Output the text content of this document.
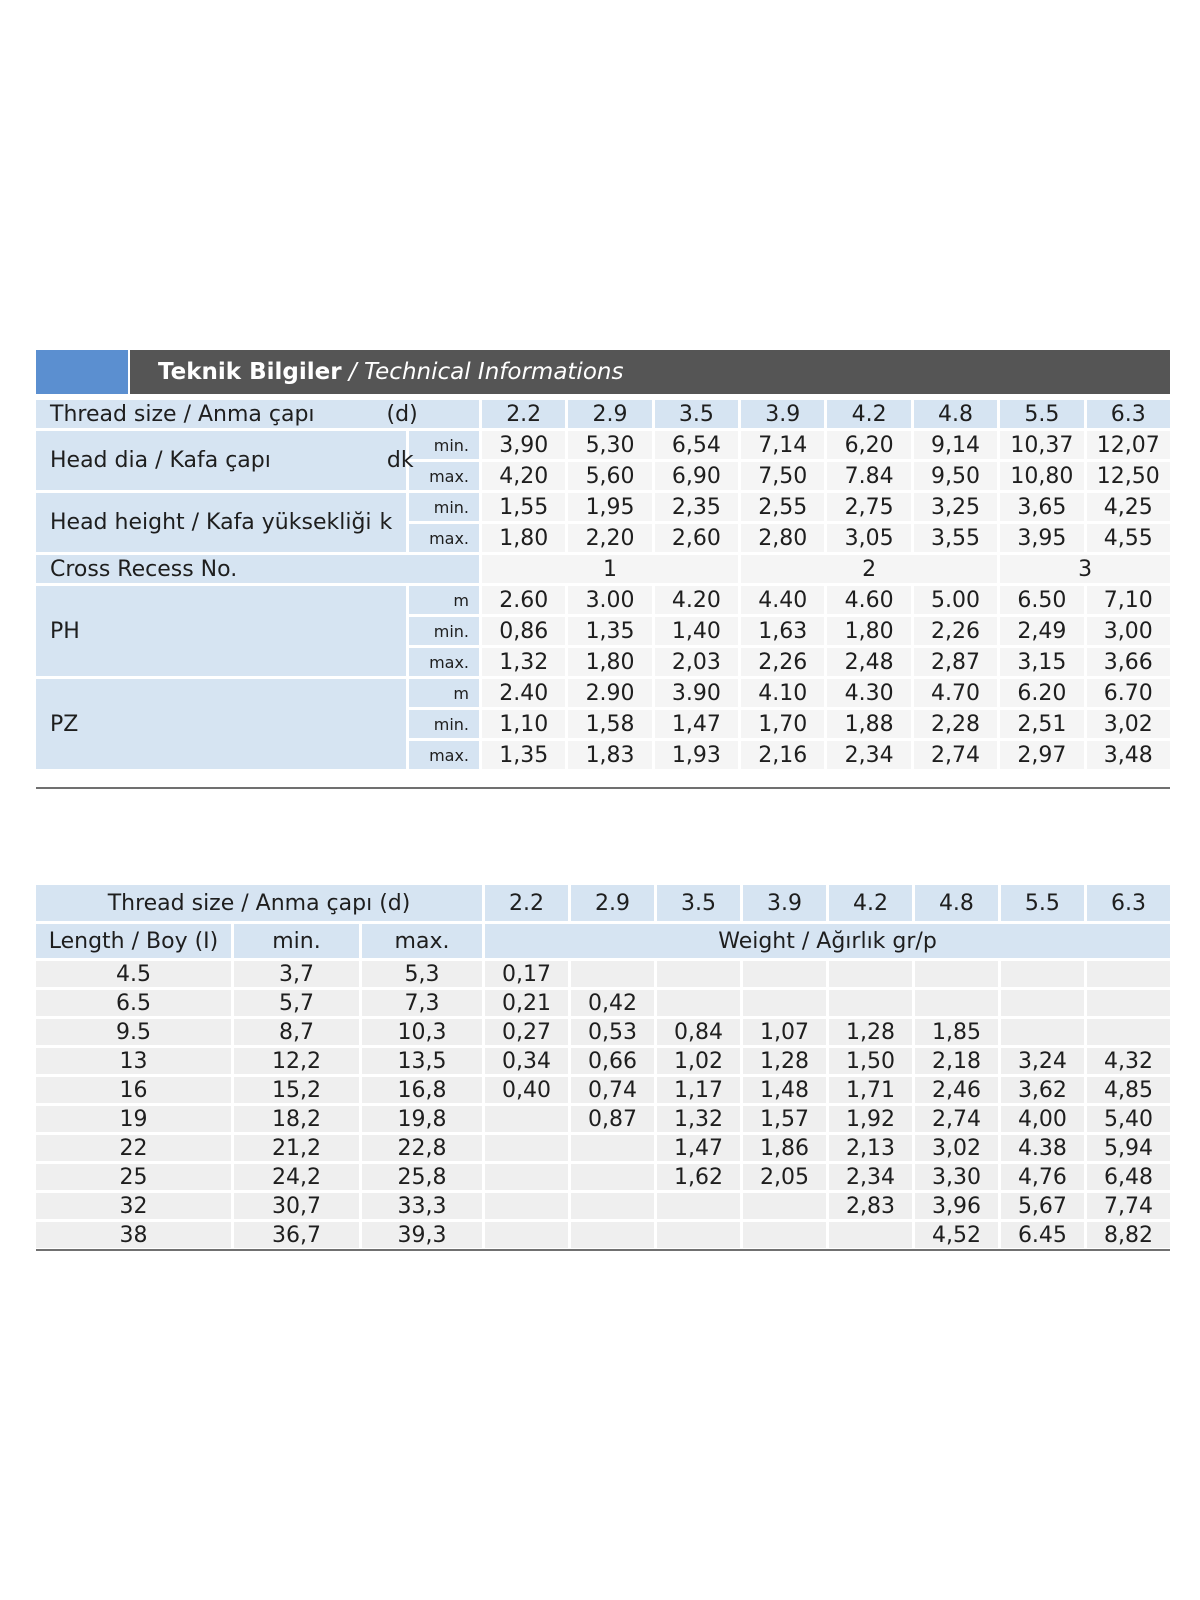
Teknik Bilgiler / Technical Informations
Thread size / Anma çapı (d)		2.2	2.9	3.5	3.9	4.2	4.8	5.5	6.3
Head dia / Kafa çapı dk	min.	3,90	5,30	6,54	7,14	6,20	9,14	10,37	12,07
	max.	4,20	5,60	6,90	7,50	7.84	9,50	10,80	12,50
Head height / Kafa yüksekliği k	min.	1,55	1,95	2,35	2,55	2,75	3,25	3,65	4,25
	max.	1,80	2,20	2,60	2,80	3,05	3,55	3,95	4,55
Cross Recess No.		1			2			3	
PH	m	2.60	3.00	4.20	4.40	4.60	5.00	6.50	7,10
	min.	0,86	1,35	1,40	1,63	1,80	2,26	2,49	3,00
	max.	1,32	1,80	2,03	2,26	2,48	2,87	3,15	3,66
PZ	m	2.40	2.90	3.90	4.10	4.30	4.70	6.20	6.70
	min.	1,10	1,58	1,47	1,70	1,88	2,28	2,51	3,02
	max.	1,35	1,83	1,93	2,16	2,34	2,74	2,97	3,48
Thread size / Anma çapı (d)			2.2	2.9	3.5	3.9	4.2	4.8	5.5	6.3
Length / Boy (I)	min.	max.	Weight / Ağırlık gr/p							
4.5	3,7	5,3	0,17							
6.5	5,7	7,3	0,21	0,42						
9.5	8,7	10,3	0,27	0,53	0,84	1,07	1,28	1,85		
13	12,2	13,5	0,34	0,66	1,02	1,28	1,50	2,18	3,24	4,32
16	15,2	16,8	0,40	0,74	1,17	1,48	1,71	2,46	3,62	4,85
19	18,2	19,8		0,87	1,32	1,57	1,92	2,74	4,00	5,40
22	21,2	22,8			1,47	1,86	2,13	3,02	4.38	5,94
25	24,2	25,8			1,62	2,05	2,34	3,30	4,76	6,48
32	30,7	33,3					2,83	3,96	5,67	7,74
38	36,7	39,3						4,52	6.45	8,82
